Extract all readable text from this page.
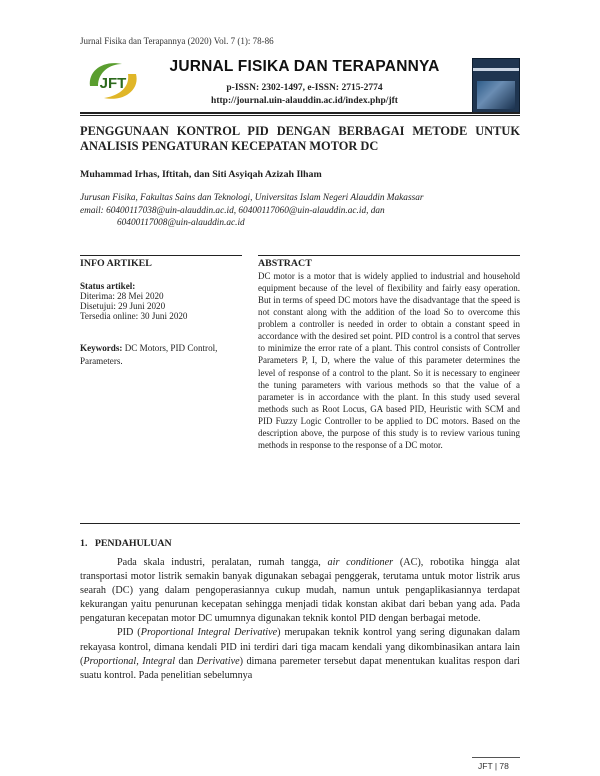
Jurnal Fisika dan Terapannya (2020) Vol. 7 (1): 78-86
JFT
JURNAL FISIKA DAN TERAPANNYA
p-ISSN: 2302-1497, e-ISSN: 2715-2774
http://journal.uin-alauddin.ac.id/index.php/jft
PENGGUNAAN KONTROL PID DENGAN BERBAGAI METODE UNTUK ANALISIS PENGATURAN KECEPATAN MOTOR DC
Muhammad Irhas, Iftitah, dan Siti Asyiqah Azizah Ilham
Jurusan Fisika, Fakultas Sains dan Teknologi, Universitas Islam Negeri Alauddin Makassar
email: 60400117038@uin-alauddin.ac.id, 60400117060@uin-alauddin.ac.id, dan
60400117008@uin-alauddin.ac.id
INFO ARTIKEL
Status artikel:
Diterima: 28 Mei 2020
Disetujui: 29 Juni 2020
Tersedia online: 30 Juni 2020
Keywords: DC Motors, PID Control, Parameters.
ABSTRACT
DC motor is a motor that is widely applied to industrial and household equipment because of the level of flexibility and fairly easy operation. But in terms of speed DC motors have the disadvantage that the speed is not constant along with the addition of the load So to overcome this problem a controller is needed in order to obtain a constant speed in accordance with the desired set point. PID control is a control that serves to minimize the error rate of a plant. This control consists of Controller Parameters P, I, D, where the value of this parameter determines the level of response of a control to the plant. So it is necessary to engineer the tuning parameters with various methods so that the value of a parameter is in accordance with the plant. In this study used several methods such as Root Locus, GA based PID, Heuristic with SCM and PID Fuzzy Logic Controller to be applied to DC motors. Based on the description above, the purpose of this study is to review various tuning methods in response to the response of a DC motor.
1.   PENDAHULUAN

Pada skala industri, peralatan, rumah tangga, air conditioner (AC), robotika hingga alat transportasi motor listrik semakin banyak digunakan sebagai penggerak, terutama untuk motor listrik arus searah (DC) yang dalam pengoperasiannya cukup mudah, namun untuk pengaplikasiannya terdapat kekurangan yaitu penurunan kecepatan sehingga menjadi tidak konstan akibat dari beban yang ada. Pada pengaturan kecepatan motor DC umumnya digunakan teknik kontol PID dengan berbagai metode.

PID (Proportional Integral Derivative) merupakan teknik kontrol yang sering digunakan dalam rekayasa kontrol, dimana kendali PID ini terdiri dari tiga macam kendali yang dikombinasikan antara lain (Proportional, Integral dan Derivative) dimana paremeter tersebut dapat menentukan kualitas respon dari suatu kontrol. Pada penelitian sebelumnya

JFT | 78
